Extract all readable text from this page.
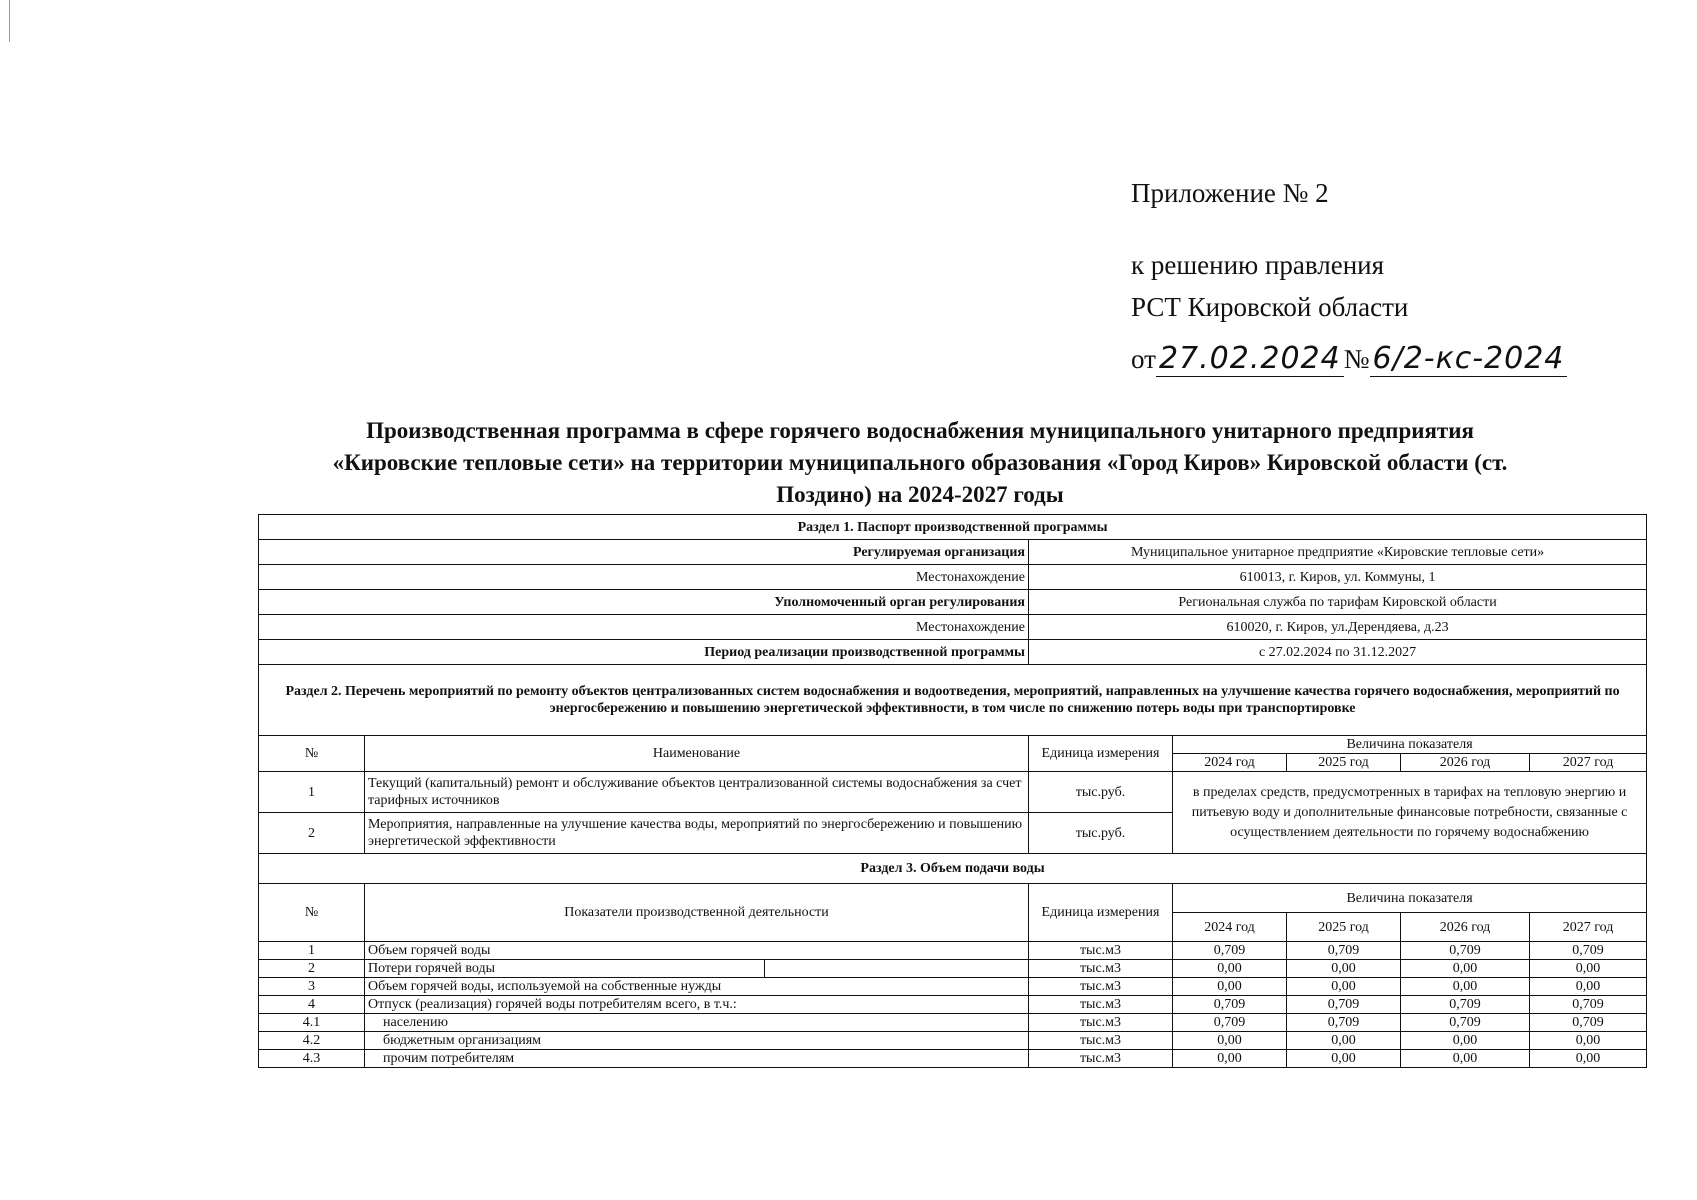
Приложение № 2
к решению правления
РСТ Кировской области
от 27.02.2024 № 6/2-кс-2024
Производственная программа в сфере горячего водоснабжения муниципального унитарного предприятия
«Кировские тепловые сети» на территории муниципального образования «Город Киров» Кировской области (ст.
Поздино) на 2024-2027 годы
Раздел 1. Паспорт производственной программы							
Регулируемая организация			Муниципальное унитарное предприятие «Кировские тепловые сети»				
Местонахождение			610013, г. Киров, ул. Коммуны, 1				
Уполномоченный орган регулирования			Региональная служба по тарифам Кировской области				
Местонахождение			610020, г. Киров, ул.Дерендяева, д.23				
Период реализации производственной программы			с 27.02.2024 по 31.12.2027				
Раздел 2. Перечень мероприятий по ремонту объектов централизованных систем водоснабжения и водоотведения, мероприятий, направленных на улучшение качества горячего водоснабжения, мероприятий по энергосбережению и повышению энергетической эффективности, в том числе по снижению потерь воды при транспортировке							
№	Наименование		Единица измерения	Величина показателя			
				2024 год	2025 год	2026 год	2027 год
1	Текущий (капитальный) ремонт и обслуживание объектов централизованной системы водоснабжения за счет тарифных источников		тыс.руб.	в пределах средств, предусмотренных в тарифах на тепловую энергию и питьевую воду и дополнительные финансовые потребности, связанные с осуществлением деятельности по горячему водоснабжению			
2	Мероприятия, направленные на улучшение качества воды, мероприятий по энергосбережению и повышению энергетической эффективности		тыс.руб.				
Раздел 3. Объем подачи воды							
№	Показатели производственной деятельности		Единица измерения	Величина показателя			
				2024 год	2025 год	2026 год	2027 год
1	Объем горячей воды		тыс.м3	0,709	0,709	0,709	0,709
2	Потери горячей воды		тыс.м3	0,00	0,00	0,00	0,00
3	Объем горячей воды, используемой на собственные нужды		тыс.м3	0,00	0,00	0,00	0,00
4	Отпуск (реализация) горячей воды потребителям всего, в т.ч.:		тыс.м3	0,709	0,709	0,709	0,709
4.1	населению		тыс.м3	0,709	0,709	0,709	0,709
4.2	бюджетным организациям		тыс.м3	0,00	0,00	0,00	0,00
4.3	прочим потребителям		тыс.м3	0,00	0,00	0,00	0,00
